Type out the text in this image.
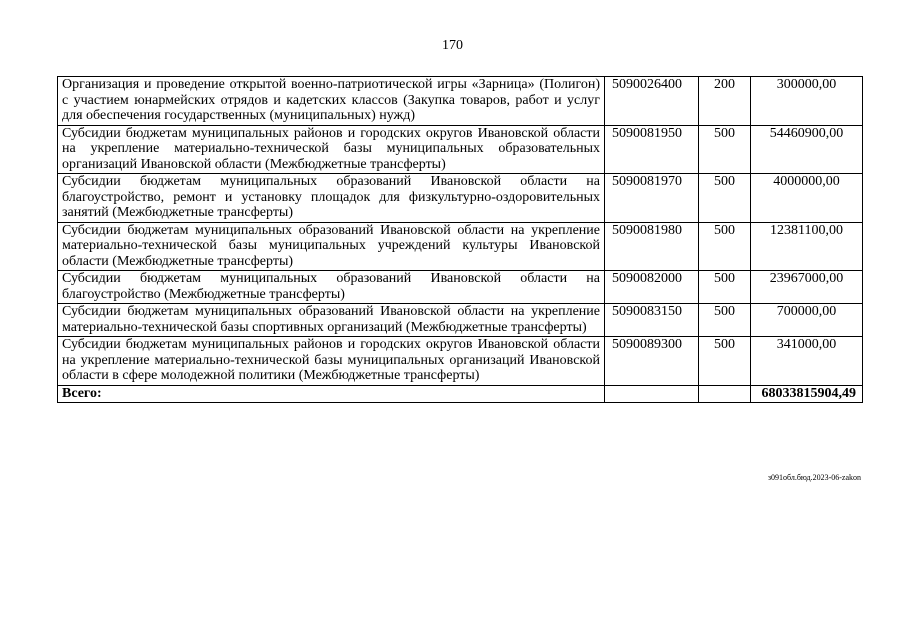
170
Организация и проведение открытой военно-патриотической игры «Зарница» (Полигон) с участием юнармейских отрядов и кадетских классов (Закупка товаров, работ и услуг для обеспечения государственных (муниципальных) нужд)	5090026400	200	300000,00
Субсидии бюджетам муниципальных районов и городских округов Ивановской области на укрепление материально-технической базы муниципальных образовательных организаций Ивановской области (Межбюджетные трансферты)	5090081950	500	54460900,00
Субсидии бюджетам муниципальных образований Ивановской области на благоустройство, ремонт и установку площадок для физкультурно-оздоровительных занятий (Межбюджетные трансферты)	5090081970	500	4000000,00
Субсидии бюджетам муниципальных образований Ивановской области на укрепление материально-технической базы муниципальных учреждений культуры Ивановской области (Межбюджетные трансферты)	5090081980	500	12381100,00
Субсидии бюджетам муниципальных образований Ивановской области на благоустройство (Межбюджетные трансферты)	5090082000	500	23967000,00
Субсидии бюджетам муниципальных образований Ивановской области на укрепление материально-технической базы спортивных организаций (Межбюджетные трансферты)	5090083150	500	700000,00
Субсидии бюджетам муниципальных районов и городских округов Ивановской области на укрепление материально-технической базы муниципальных организаций Ивановской области в сфере молодежной политики (Межбюджетные трансферты)	5090089300	500	341000,00
Всего:			68033815904,49
з091обл.бюд.2023-06-zakon
